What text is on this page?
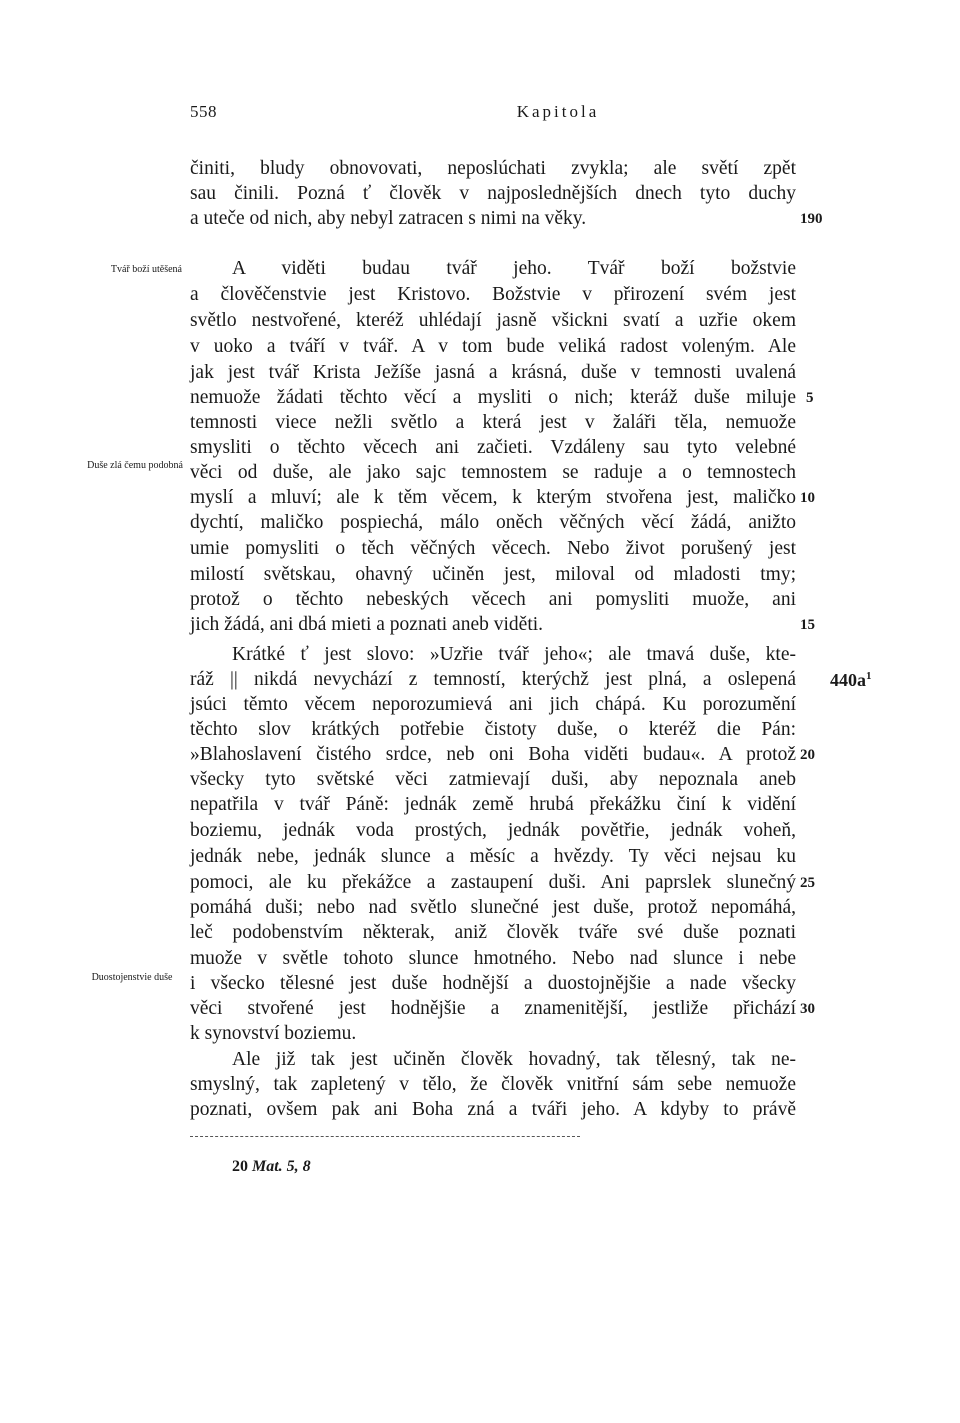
558	Kapitola
činiti, bludy obnovovati, neposlúchati zvykla; ale světí zpět
sau činili. Pozná ť člověk v najposlednějších dnech tyto duchy
a uteče od nich, aby nebyl zatracen s nimi na věky.
A viděti budau tvář jeho. Tvář boží božstvie
a člověčenstvie jest Kristovo. Božstvie v přirození svém jest
světlo nestvořené, kteréž uhlédají jasně všickni svatí a uzřie okem
v uoko a tváří v tvář. A v tom bude veliká radost voleným. Ale
jak jest tvář Krista Ježíše jasná a krásná, duše v temnosti uvalená
nemuože žádati těchto věcí a mysliti o nich; kteráž duše miluje
temnosti viece nežli světlo a která jest v žaláři těla, nemuože
smysliti o těchto věcech ani začieti. Vzdáleny sau tyto velebné
věci od duše, ale jako sajc temnostem se raduje a o temnostech
myslí a mluví; ale k těm věcem, k kterým stvořena jest, maličko
dychtí, maličko pospiechá, málo oněch věčných věcí žádá, anižto
umie pomysliti o těch věčných věcech. Nebo život porušený jest
milostí světskau, ohavný učiněn jest, miloval od mladosti tmy;
protož o těchto nebeských věcech ani pomysliti muože, ani
jich žádá, ani dbá mieti a poznati aneb viděti.
Krátké ť jest slovo: »Uzřie tvář jeho«; ale tmavá duše, kte-
ráž || nikdá nevychází z temností, kterýchž jest plná, a oslepená
jsúci těmto věcem neporozumievá ani jich chápá. Ku porozumění
těchto slov krátkých potřebie čistoty duše, o kteréž die Pán:
»Blahoslavení čistého srdce, neb oni Boha viděti budau«. A protož
všecky tyto světské věci zatmievají duši, aby nepoznala aneb
nepatřila v tvář Páně: jednák země hrubá překážku činí k vidění
boziemu, jednák voda prostých, jednák povětřie, jednák voheň,
jednák nebe, jednák slunce a měsíc a hvězdy. Ty věci nejsau ku
pomoci, ale ku překážce a zastaupení duši. Ani paprslek slunečný
pomáhá duši; nebo nad světlo slunečné jest duše, protož nepomáhá,
leč podobenstvím některak, aniž člověk tváře své duše poznati
muože v světle tohoto slunce hmotného. Nebo nad slunce i nebe
i všecko tělesné jest duše hodnější a duostojnějšie a nade všecky
věci stvořené jest hodnějšie a znamenitější, jestliže přichází
k synovství boziemu.
Ale již tak jest učiněn člověk hovadný, tak tělesný, tak ne-
smyslný, tak zapletený v tělo, že člověk vnitřní sám sebe nemuože
poznati, ovšem pak ani Boha zná a tváři jeho. A kdyby to právě
190
5
10
15
20
25
30
Tvář boží utěšená
Duše zlá čemu podobná
Duostojenstvie duše
$440a^1$
20 Mat. 5, 8
